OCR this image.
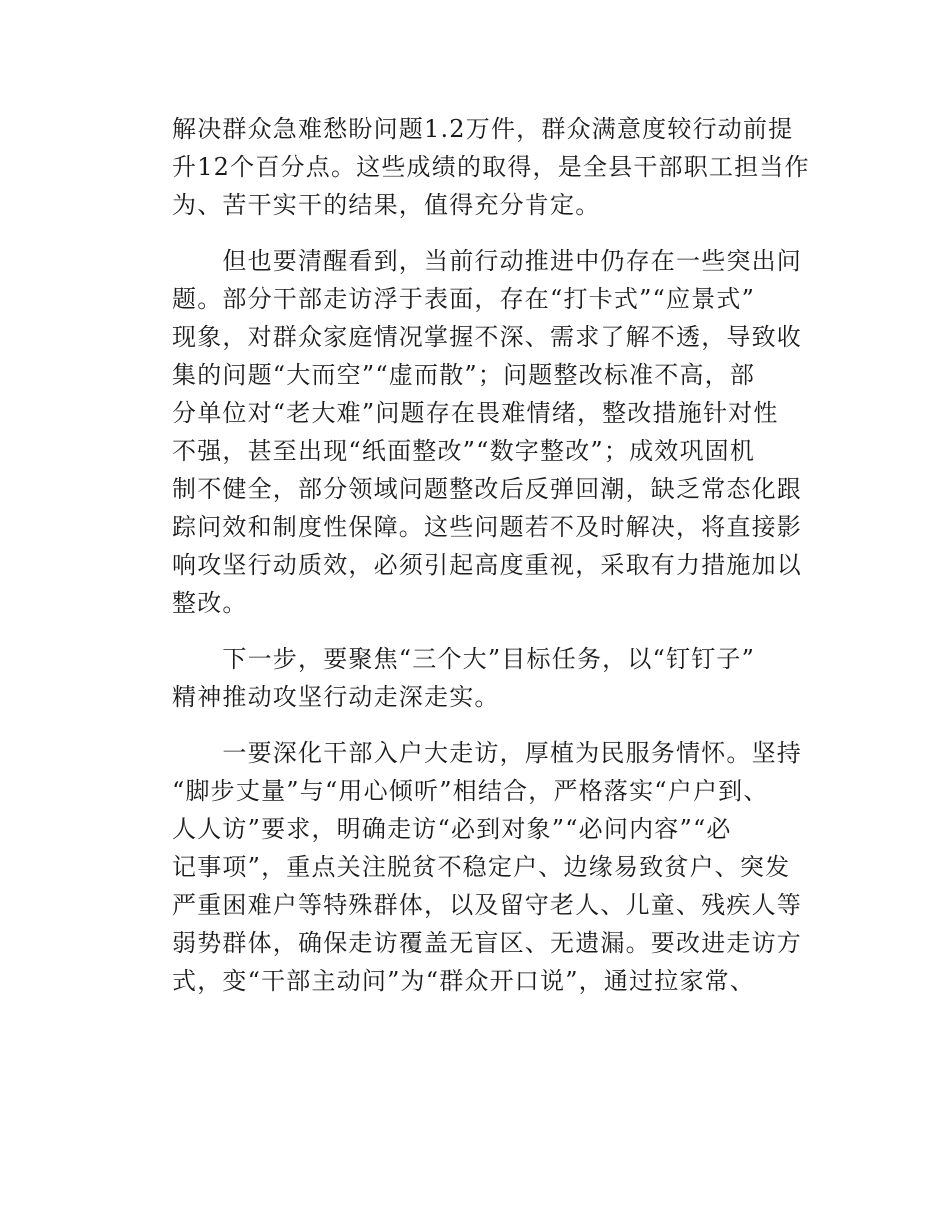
解决群众急难愁盼问题1.2万件，群众满意度较行动前提
升12个百分点。这些成绩的取得，是全县干部职工担当作
为、苦干实干的结果，值得充分肯定。

　　但也要清醒看到，当前行动推进中仍存在一些突出问
题。部分干部走访浮于表面，存在“打卡式”“应景式”
现象，对群众家庭情况掌握不深、需求了解不透，导致收
集的问题“大而空”“虚而散”；问题整改标准不高，部
分单位对“老大难”问题存在畏难情绪，整改措施针对性
不强，甚至出现“纸面整改”“数字整改”；成效巩固机
制不健全，部分领域问题整改后反弹回潮，缺乏常态化跟
踪问效和制度性保障。这些问题若不及时解决，将直接影
响攻坚行动质效，必须引起高度重视，采取有力措施加以
整改。

　　下一步，要聚焦“三个大”目标任务，以“钉钉子”
精神推动攻坚行动走深走实。

　　一要深化干部入户大走访，厚植为民服务情怀。坚持
“脚步丈量”与“用心倾听”相结合，严格落实“户户到、
人人访”要求，明确走访“必到对象”“必问内容”“必
记事项”，重点关注脱贫不稳定户、边缘易致贫户、突发
严重困难户等特殊群体，以及留守老人、儿童、残疾人等
弱势群体，确保走访覆盖无盲区、无遗漏。要改进走访方
式，变“干部主动问”为“群众开口说”，通过拉家常、
